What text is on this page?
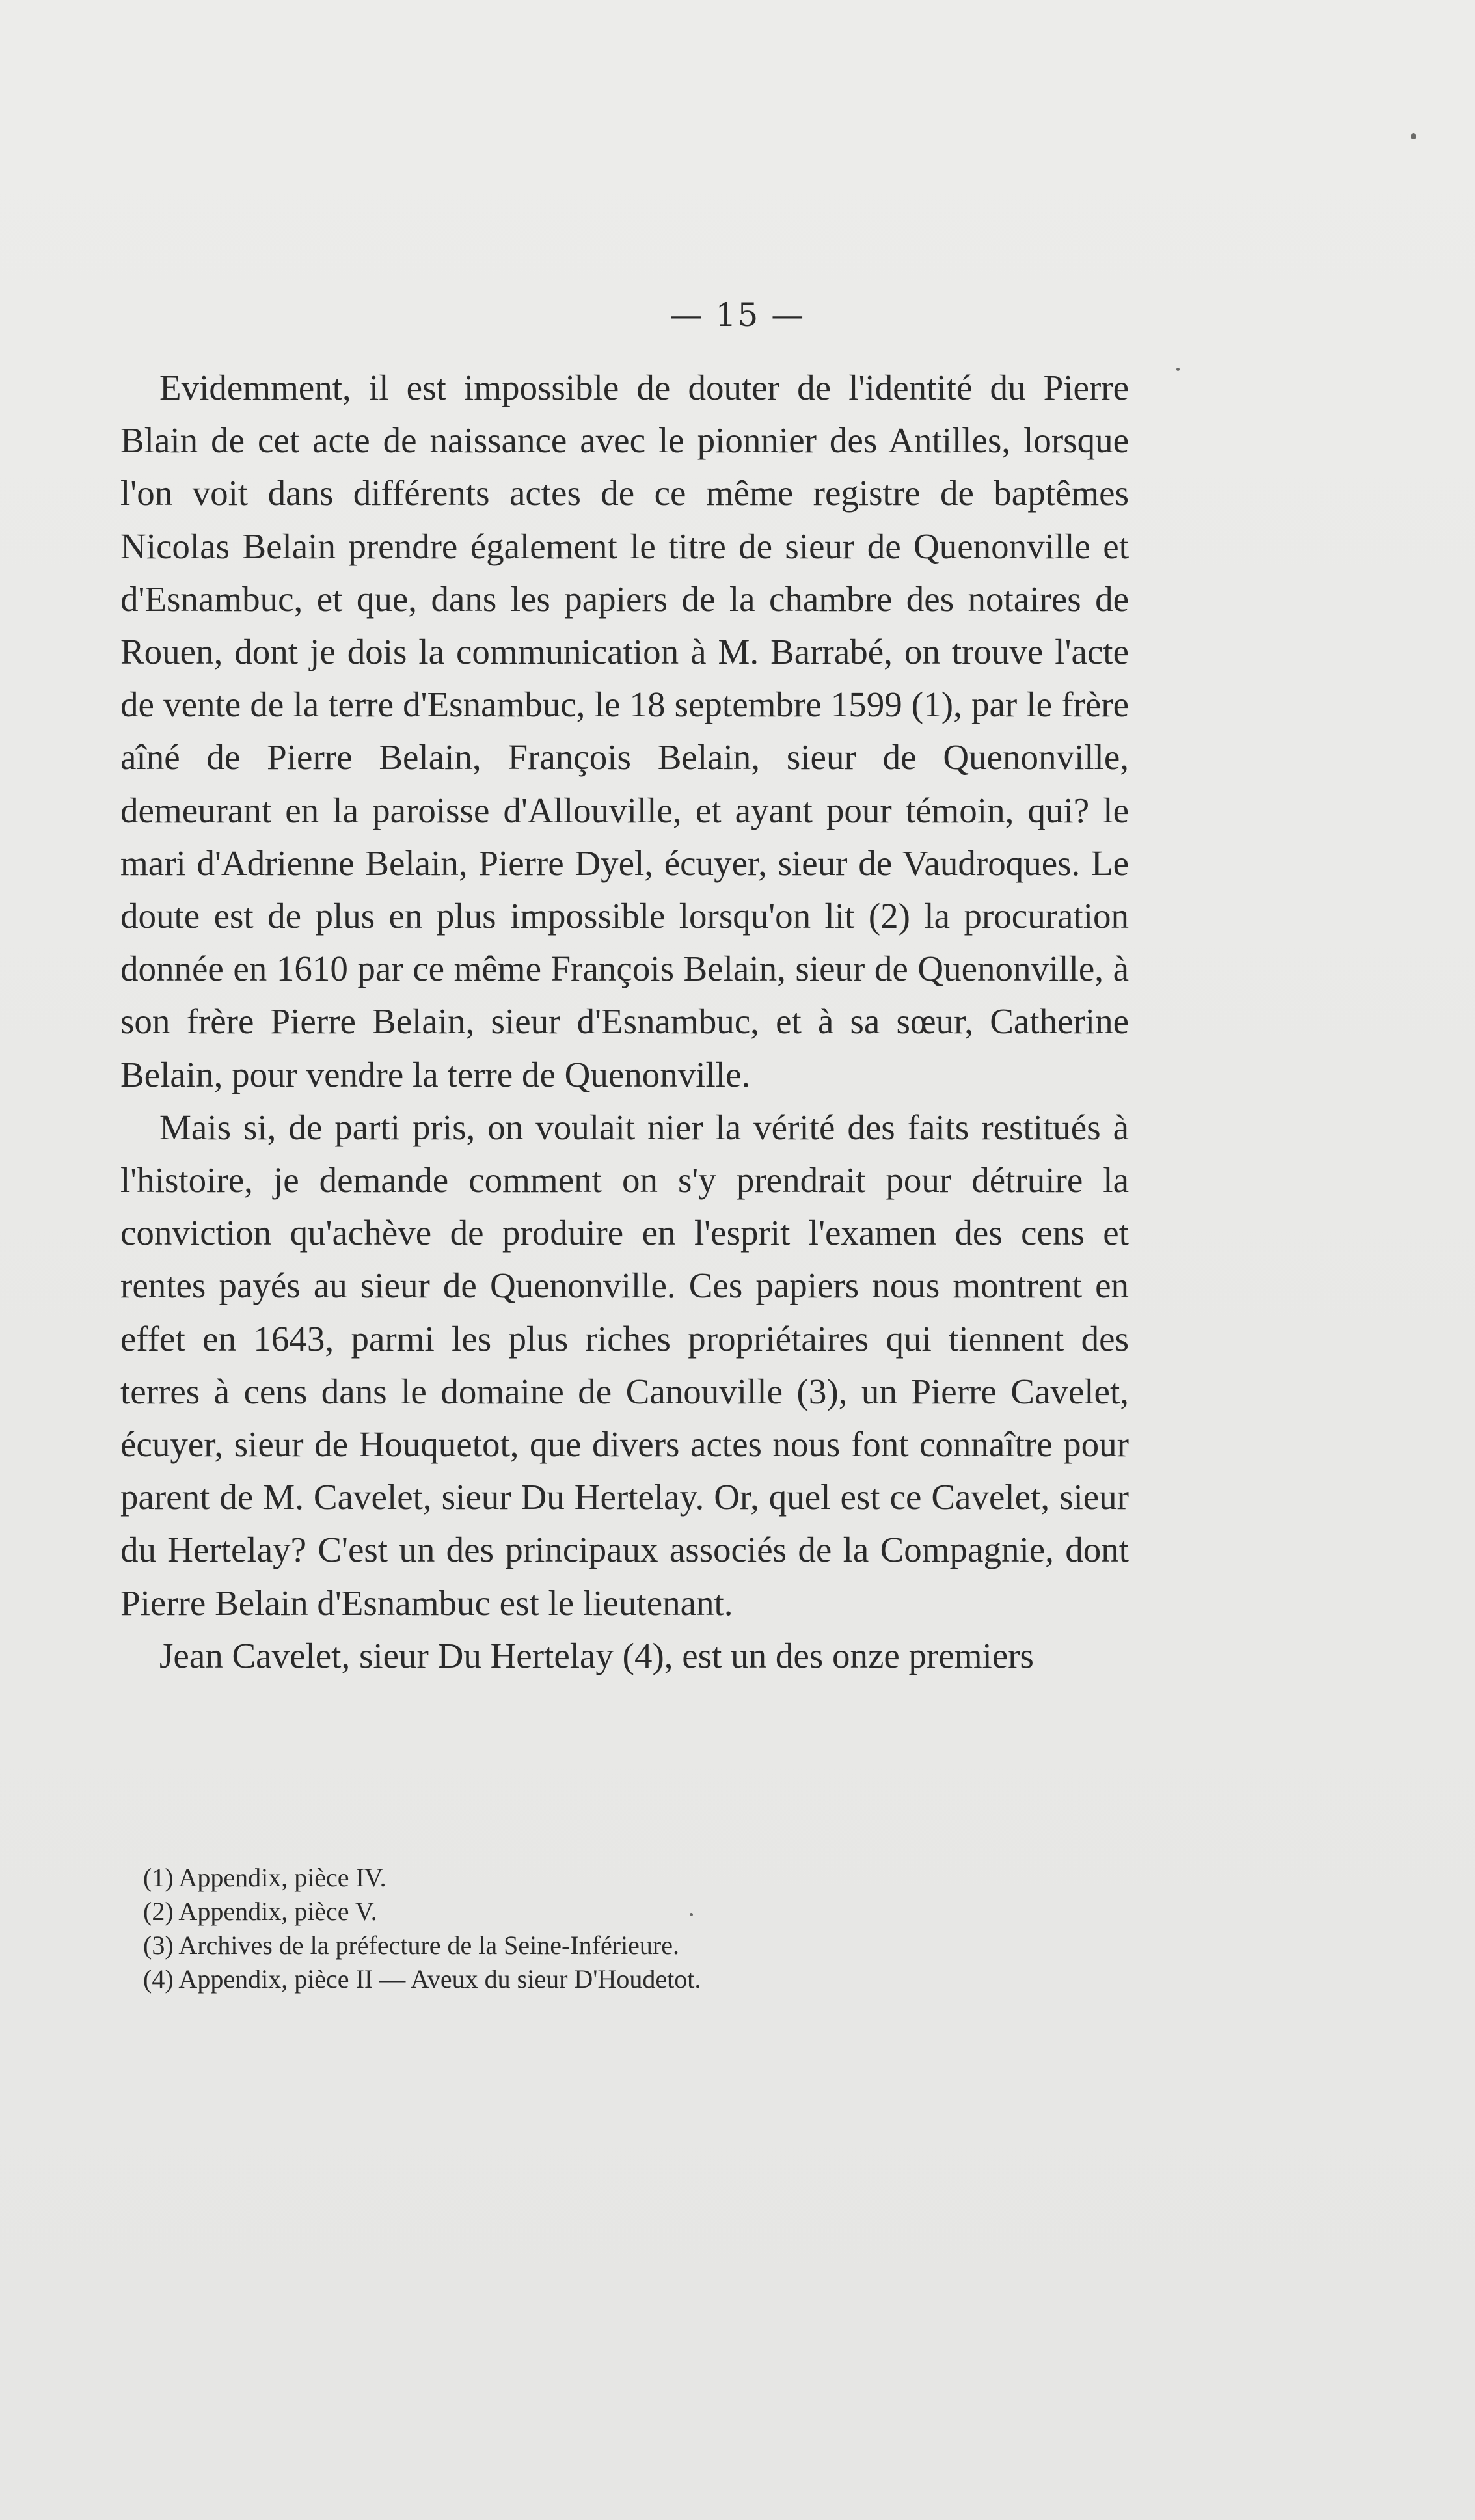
— 15 —

Evidemment, il est impossible de douter de l'identité du Pierre Blain de cet acte de naissance avec le pionnier des Antilles, lorsque l'on voit dans différents actes de ce même registre de baptêmes Nicolas Belain prendre également le titre de sieur de Quenonville et d'Esnambuc, et que, dans les papiers de la chambre des notaires de Rouen, dont je dois la communication à M. Barrabé, on trouve l'acte de vente de la terre d'Esnambuc, le 18 septembre 1599 (1), par le frère aîné de Pierre Belain, François Belain, sieur de Quenonville, demeurant en la paroisse d'Allouville, et ayant pour témoin, qui? le mari d'Adrienne Belain, Pierre Dyel, écuyer, sieur de Vaudroques. Le doute est de plus en plus impossible lorsqu'on lit (2) la procuration donnée en 1610 par ce même François Belain, sieur de Quenonville, à son frère Pierre Belain, sieur d'Esnambuc, et à sa sœur, Catherine Belain, pour vendre la terre de Quenonville.

Mais si, de parti pris, on voulait nier la vérité des faits restitués à l'histoire, je demande comment on s'y prendrait pour détruire la conviction qu'achève de produire en l'esprit l'examen des cens et rentes payés au sieur de Quenonville. Ces papiers nous montrent en effet en 1643, parmi les plus riches propriétaires qui tiennent des terres à cens dans le domaine de Canouville (3), un Pierre Cavelet, écuyer, sieur de Houquetot, que divers actes nous font connaître pour parent de M. Cavelet, sieur Du Hertelay. Or, quel est ce Cavelet, sieur du Hertelay? C'est un des principaux associés de la Compagnie, dont Pierre Belain d'Esnambuc est le lieutenant.

Jean Cavelet, sieur Du Hertelay (4), est un des onze premiers

(1) Appendix, pièce IV.
(2) Appendix, pièce V.
(3) Archives de la préfecture de la Seine-Inférieure.
(4) Appendix, pièce II — Aveux du sieur D'Houdetot.
